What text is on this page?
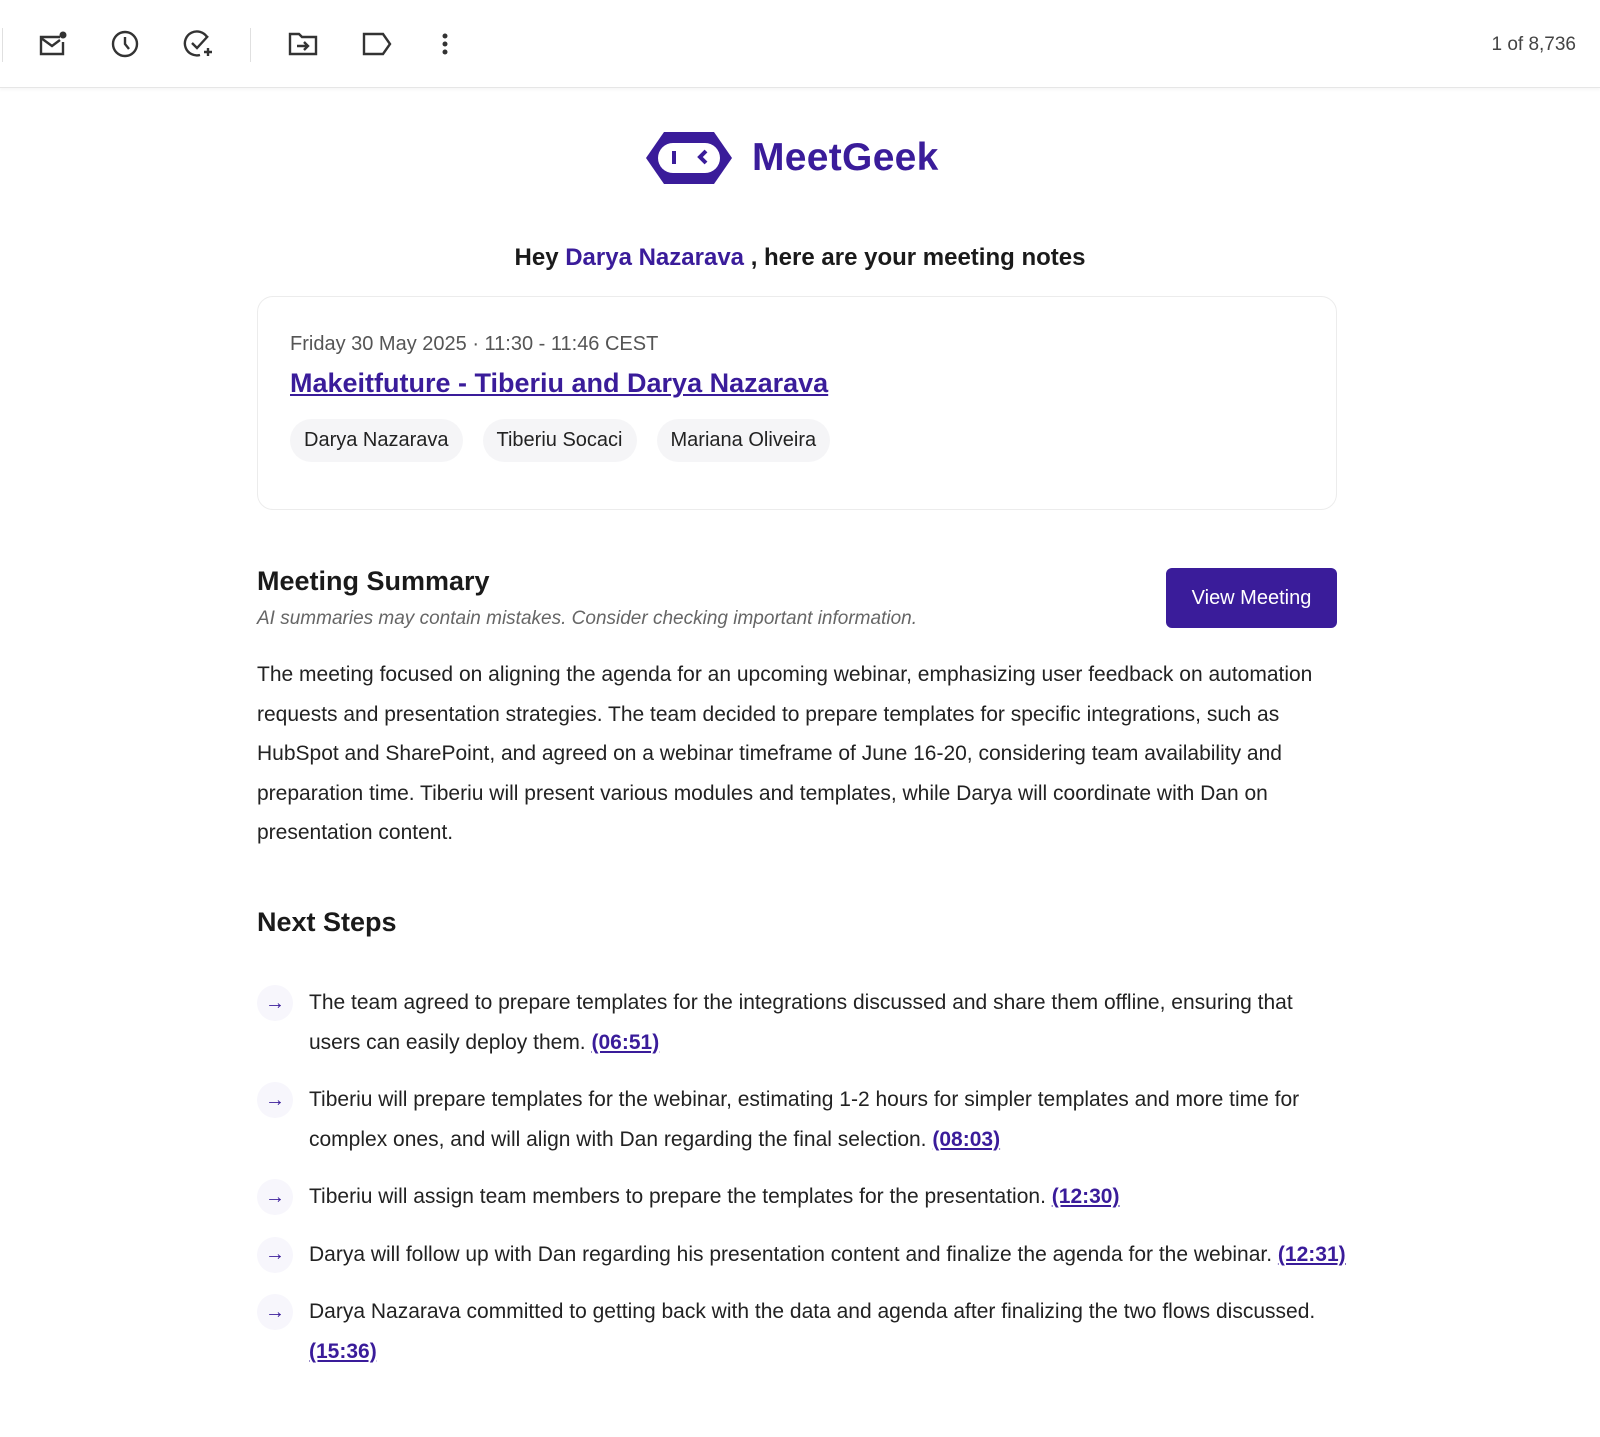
1 of 8,736
MeetGeek
Hey Darya Nazarava , here are your meeting notes
Friday 30 May 2025 · 11:30 - 11:46 CEST
Makeitfuture - Tiberiu and Darya Nazarava
Darya Nazarava	Tiberiu Socaci	Mariana Oliveira
Meeting Summary
AI summaries may contain mistakes. Consider checking important information.
View Meeting

The meeting focused on aligning the agenda for an upcoming webinar, emphasizing user feedback on automation requests and presentation strategies. The team decided to prepare templates for specific integrations, such as HubSpot and SharePoint, and agreed on a webinar timeframe of June 16-20, considering team availability and preparation time. Tiberiu will present various modules and templates, while Darya will coordinate with Dan on presentation content.

Next Steps
→	The team agreed to prepare templates for the integrations discussed and share them offline, ensuring that users can easily deploy them. (06:51)
→	Tiberiu will prepare templates for the webinar, estimating 1-2 hours for simpler templates and more time for complex ones, and will align with Dan regarding the final selection. (08:03)
→	Tiberiu will assign team members to prepare the templates for the presentation. (12:30)
→	Darya will follow up with Dan regarding his presentation content and finalize the agenda for the webinar. (12:31)
→	Darya Nazarava committed to getting back with the data and agenda after finalizing the two flows discussed. (15:36)
